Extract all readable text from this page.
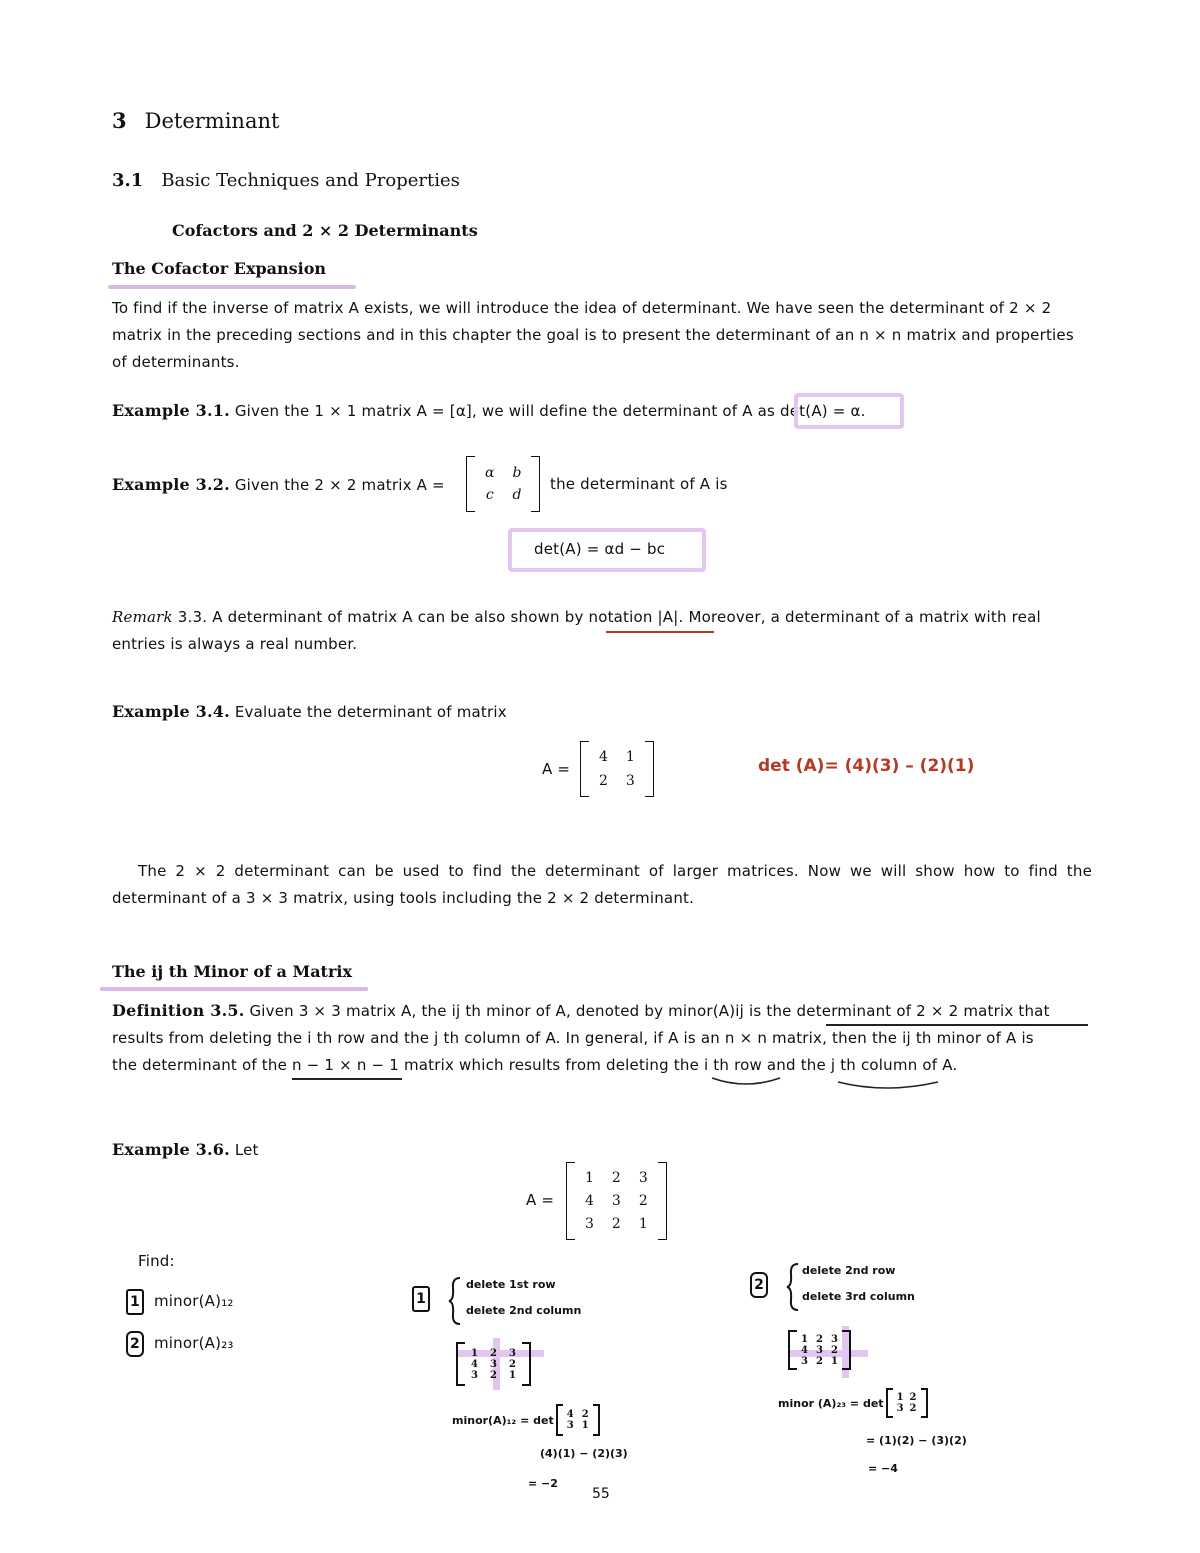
3 Determinant
3.1 Basic Techniques and Properties
Cofactors and 2 × 2 Determinants
The Cofactor Expansion
To find if the inverse of matrix A exists, we will introduce the idea of determinant. We have seen the determinant of 2 × 2
matrix in the preceding sections and in this chapter the goal is to present the determinant of an n × n matrix and properties
of determinants.
Example 3.1. Given the 1 × 1 matrix A = [α], we will define the determinant of A as det(A) = α.
Example 3.2. Given the 2 × 2 matrix A =
α b
c d
the determinant of A is
det(A) = αd − bc
Remark 3.3. A determinant of matrix A can be also shown by notation |A|. Moreover, a determinant of a matrix with real
entries is always a real number.
Example 3.4. Evaluate the determinant of matrix
A =
4 1
2 3
det (A)= (4)(3) – (2)(1)
The 2 × 2 determinant can be used to find the determinant of larger matrices. Now we will show how to find the
determinant of a 3 × 3 matrix, using tools including the 2 × 2 determinant.
The ij th Minor of a Matrix
Definition 3.5. Given 3 × 3 matrix A, the ij th minor of A, denoted by minor(A)ij is the determinant of 2 × 2 matrix that
results from deleting the i th row and the j th column of A. In general, if A is an n × n matrix, then the ij th minor of A is
the determinant of the n − 1 × n − 1 matrix which results from deleting the i th row and the j th column of A.
Example 3.6. Let
A =
1 2 3
4 3 2
3 2 1
Find:
1 minor(A)₁₂
2 minor(A)₂₃
1
delete 1st row
delete 2nd column
1 2 3
4 3 2
3 2 1
minor(A)₁₂ = det 4 2
3 1
(4)(1) − (2)(3)
= −2
2
delete 2nd row
delete 3rd column
1 2 3
4 3 2
3 2 1
minor (A)₂₃ = det 1 2
3 2
= (1)(2) − (3)(2)
= −4
55
